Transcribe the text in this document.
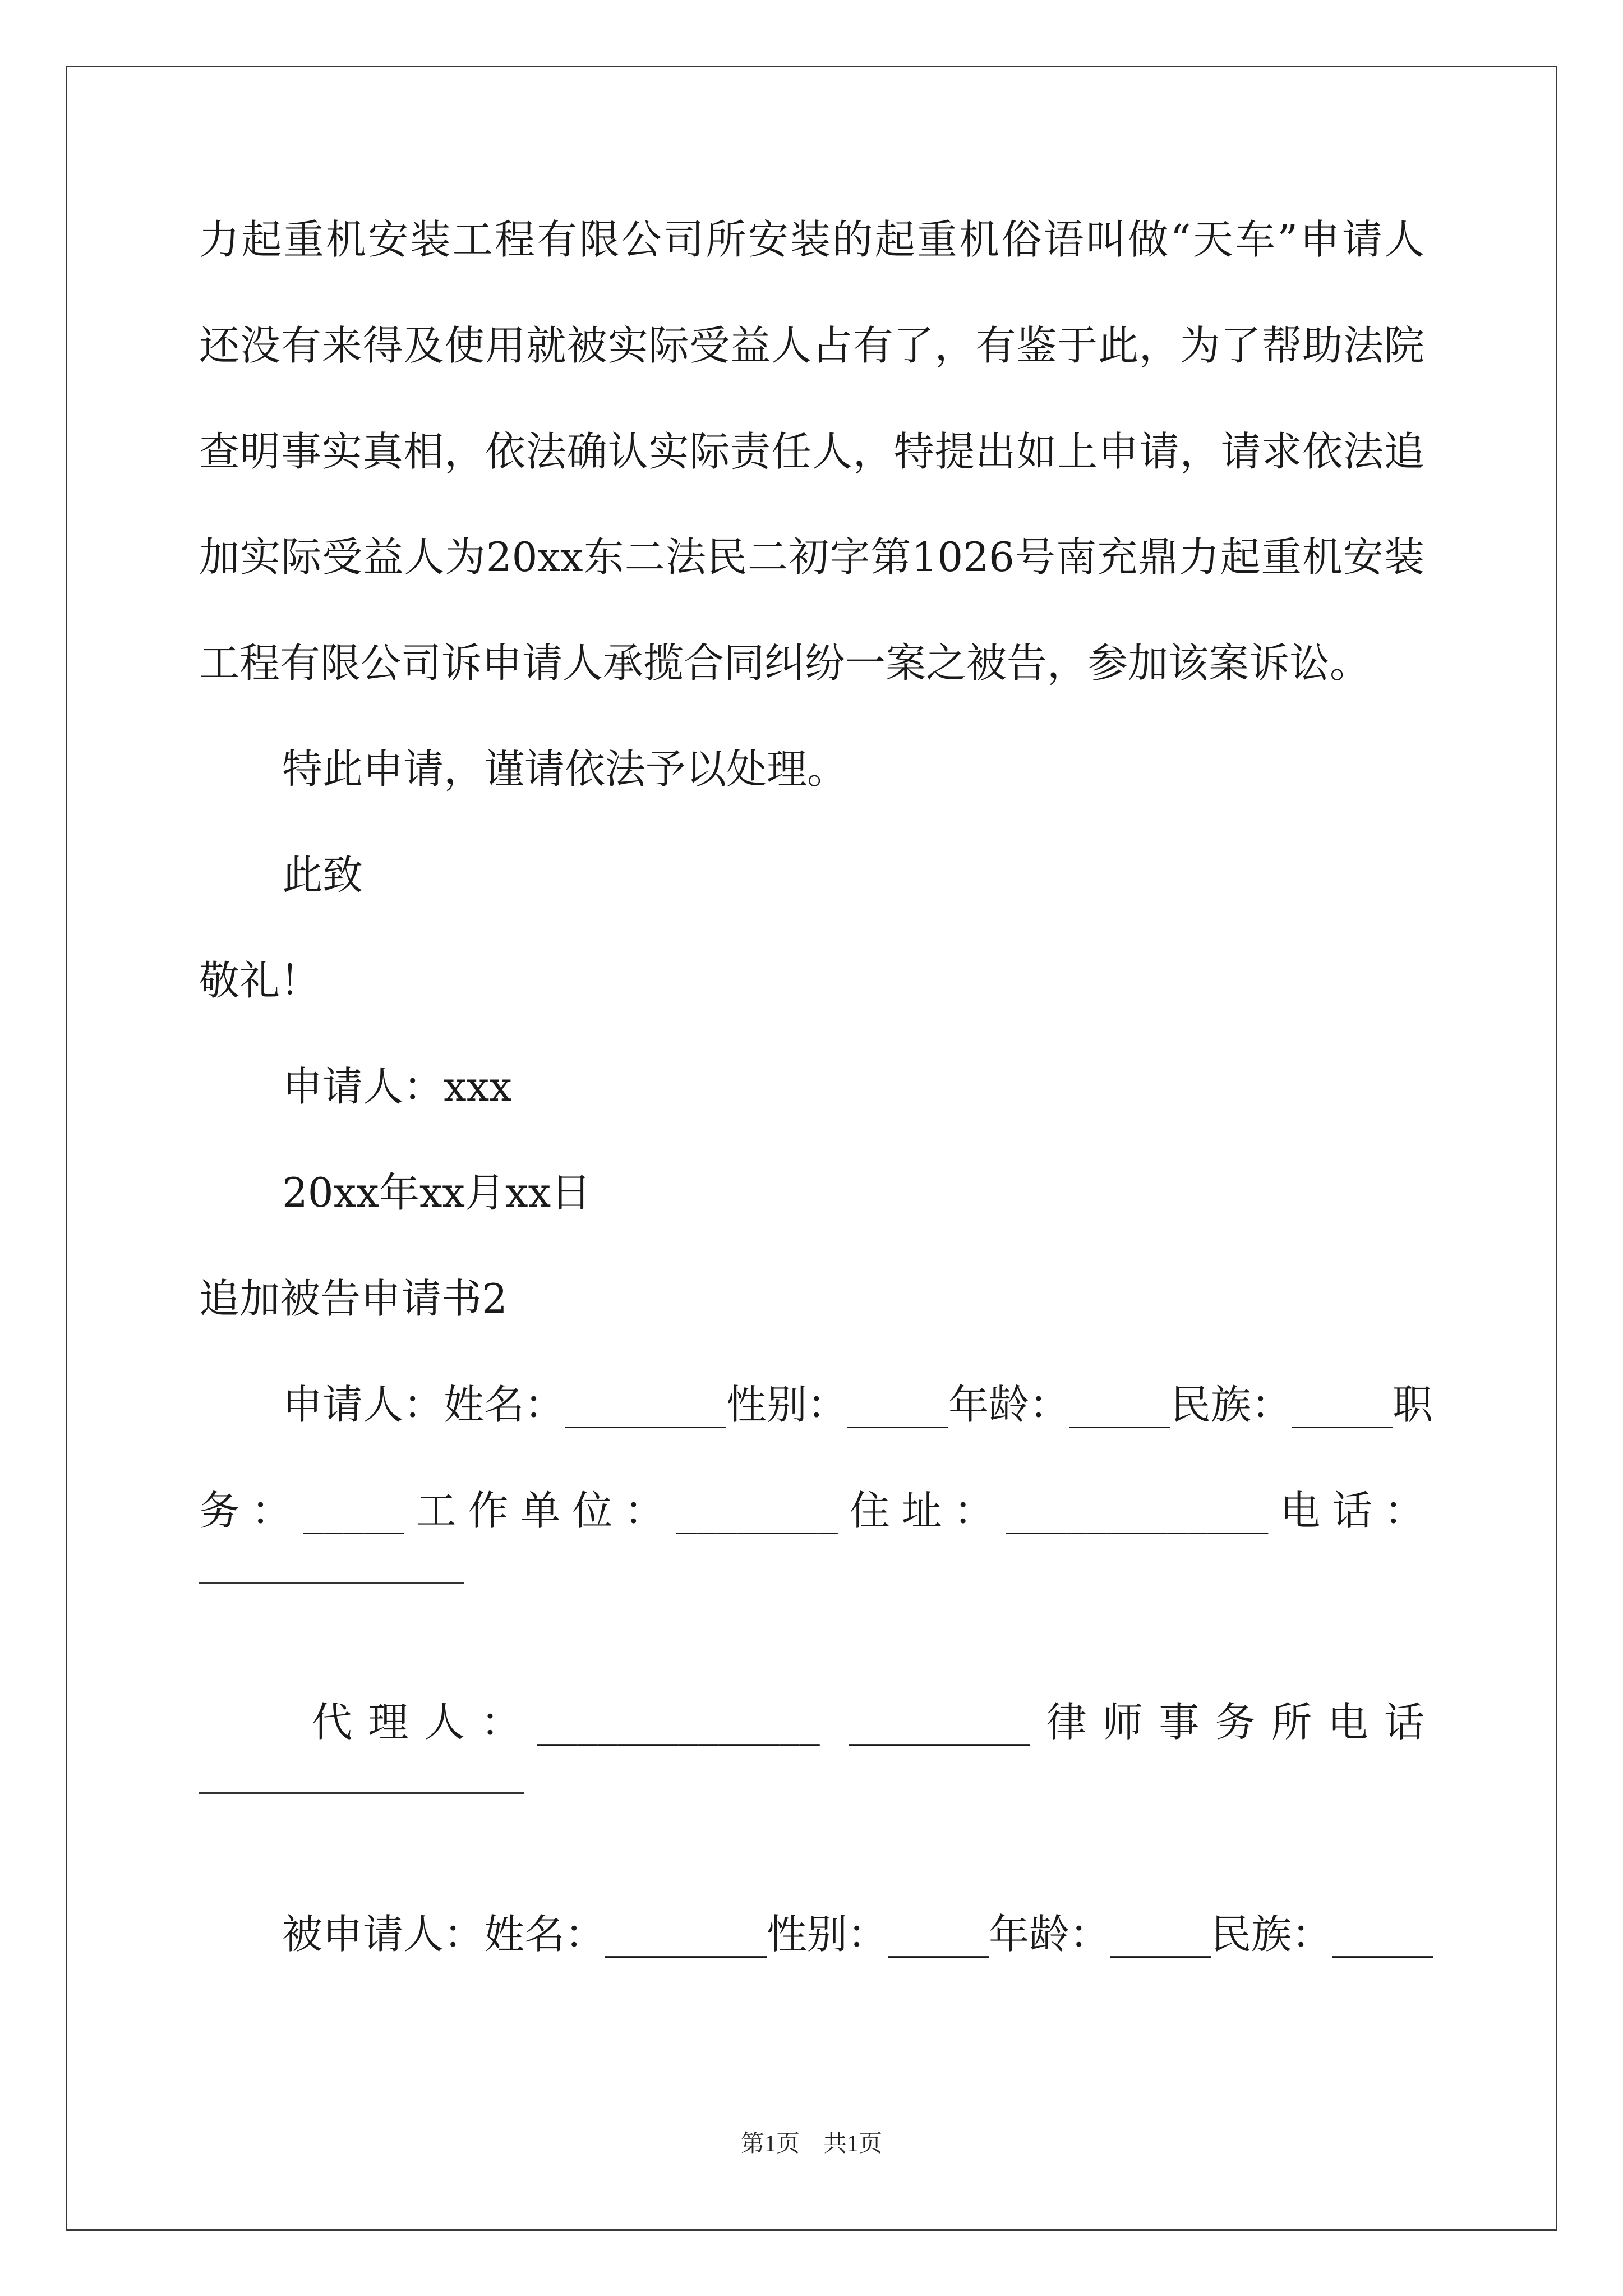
力起重机安装工程有限公司所安装的起重机俗语叫做“天车”申请人
还没有来得及使用就被实际受益人占有了，有鉴于此，为了帮助法院
查明事实真相，依法确认实际责任人，特提出如上申请，请求依法追
加实际受益人为20xx东二法民二初字第1026号南充鼎力起重机安装
工程有限公司诉申请人承揽合同纠纷一案之被告，参加该案诉讼。
特此申请，谨请依法予以处理。
此致
敬礼！
申请人：xxx
20xx年xx月xx日
追加被告申请书2
申请人：姓名：________性别：_____年龄：_____民族：_____职
务：_____工作单位：________住址：_____________电话：
代理人：______________ _________律师事务所电话
被申请人：姓名：________性别：_____年龄：_____民族：_____
第1页　共1页
